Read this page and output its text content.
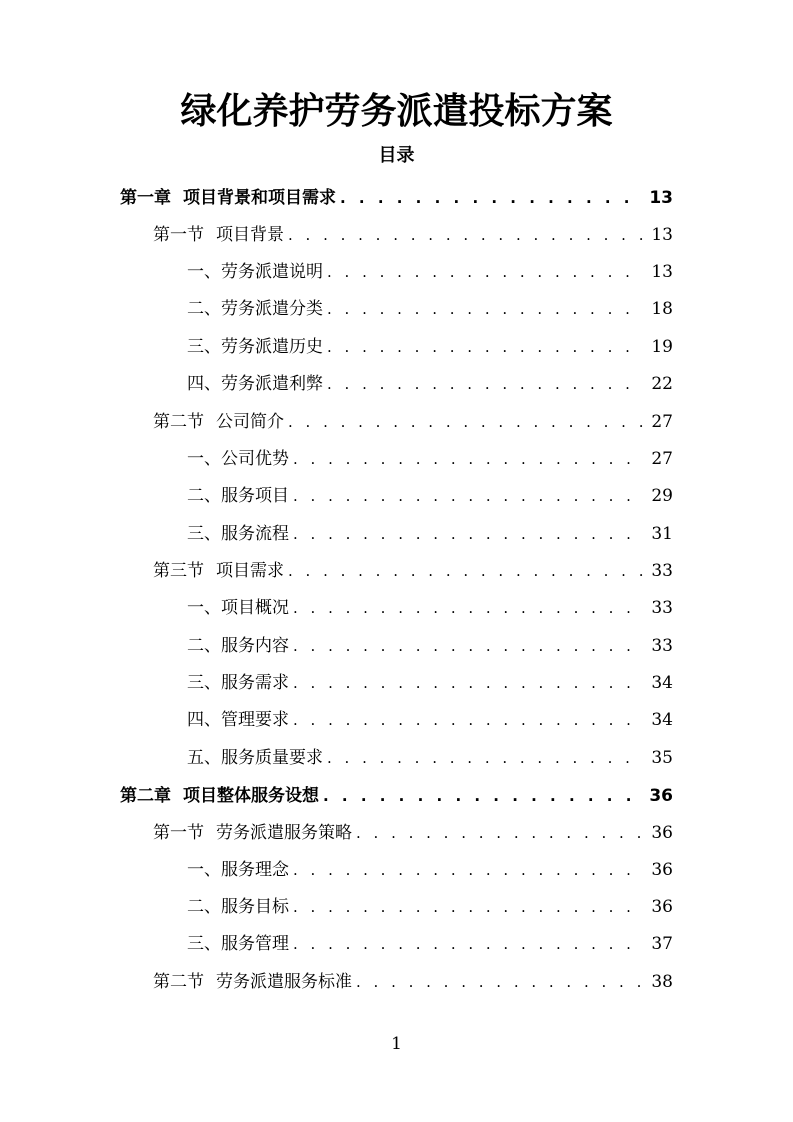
绿化养护劳务派遣投标方案
目录
第一章 项目背景和项目需求 . . .	13
第一节 项目背景 . . .	13
一、劳务派遣说明 . . .	13
二、劳务派遣分类 . . .	18
三、劳务派遣历史 . . .	19
四、劳务派遣利弊 . . .	22
第二节 公司简介 . . .	27
一、公司优势 . . .	27
二、服务项目 . . .	29
三、服务流程 . . .	31
第三节 项目需求 . . .	33
一、项目概况 . . .	33
二、服务内容 . . .	33
三、服务需求 . . .	34
四、管理要求 . . .	34
五、服务质量要求 . . .	35
第二章 项目整体服务设想 . . .	36
第一节 劳务派遣服务策略 . . .	36
一、服务理念 . . .	36
二、服务目标 . . .	36
三、服务管理 . . .	37
第二节 劳务派遣服务标准 . . .	38
1
